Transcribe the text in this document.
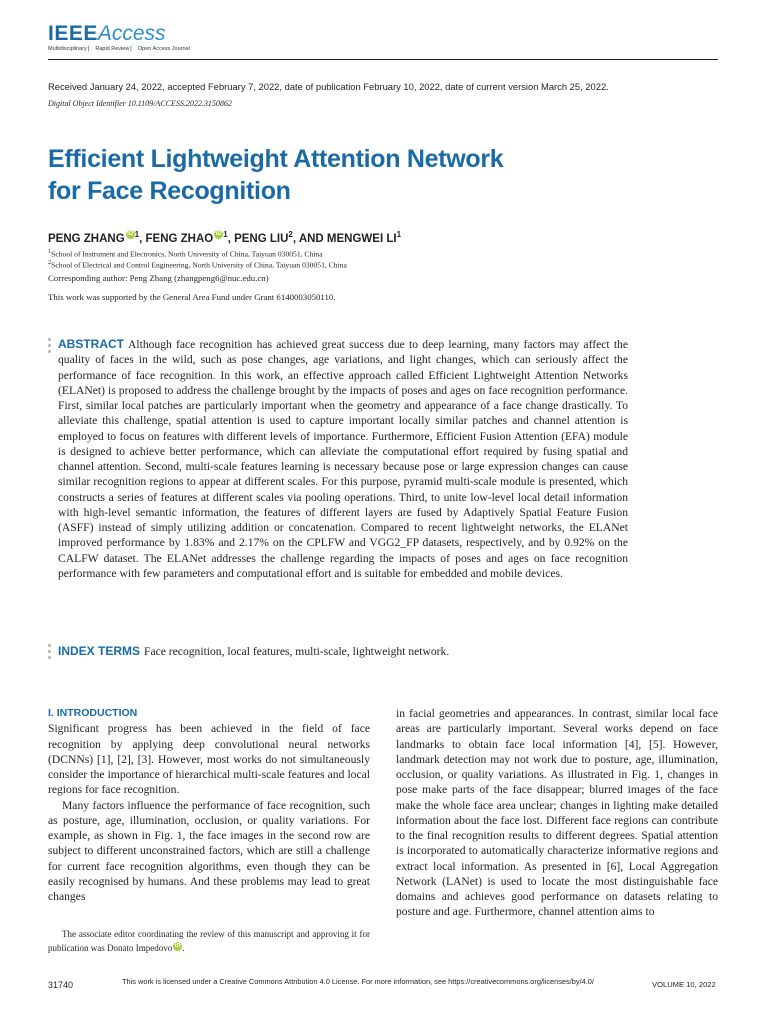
IEEEAccess
Multidisciplinary ⎸ Rapid Review ⎸ Open Access Journal
Received January 24, 2022, accepted February 7, 2022, date of publication February 10, 2022, date of current version March 25, 2022.
Digital Object Identifier 10.1109/ACCESS.2022.3150862
Efficient Lightweight Attention Network
for Face Recognition
PENG ZHANG iD $^1$, FENG ZHAO iD $^1$, PENG LIU$^2$, AND MENGWEI $LI^1$
$^1$School of Instrument and Electronics, North University of China, Taiyuan 030051, China
$^2$School of Electrical and Control Engineering, North University of China, Taiyuan 030051, China
Corresponding author: Peng Zhang (zhangpeng6@nuc.edu.cn)
This work was supported by the General Area Fund under Grant 6140003050110.
ABSTRACT Although face recognition has achieved great success due to deep learning, many factors may affect the quality of faces in the wild, such as pose changes, age variations, and light changes, which can seriously affect the performance of face recognition. In this work, an effective approach called Efficient Lightweight Attention Networks (ELANet) is proposed to address the challenge brought by the impacts of poses and ages on face recognition performance. First, similar local patches are particularly important when the geometry and appearance of a face change drastically. To alleviate this challenge, spatial attention is used to capture important locally similar patches and channel attention is employed to focus on features with different levels of importance. Furthermore, Efficient Fusion Attention (EFA) module is designed to achieve better performance, which can alleviate the computational effort required by fusing spatial and channel attention. Second, multi-scale features learning is necessary because pose or large expression changes can cause similar recognition regions to appear at different scales. For this purpose, pyramid multi-scale module is presented, which constructs a series of features at different scales via pooling operations. Third, to unite low-level local detail information with high-level semantic information, the features of different layers are fused by Adaptively Spatial Feature Fusion (ASFF) instead of simply utilizing addition or concatenation. Compared to recent lightweight networks, the ELANet improved performance by 1.83% and 2.17% on the CPLFW and VGG2_FP datasets, respectively, and by 0.92% on the CALFW dataset. The ELANet addresses the challenge regarding the impacts of poses and ages on face recognition performance with few parameters and computational effort and is suitable for embedded and mobile devices.
INDEX TERMS Face recognition, local features, multi-scale, lightweight network.
I. INTRODUCTION
Significant progress has been achieved in the field of face recognition by applying deep convolutional neural networks (DCNNs) [1], [2], [3]. However, most works do not simultaneously consider the importance of hierarchical multi-scale features and local regions for face recognition.
Many factors influence the performance of face recognition, such as posture, age, illumination, occlusion, or quality variations. For example, as shown in Fig. 1, the face images in the second row are subject to different unconstrained factors, which are still a challenge for current face recognition algorithms, even though they can be easily recognised by humans. And these problems may lead to great changes
in facial geometries and appearances. In contrast, similar local face areas are particularly important. Several works depend on face landmarks to obtain face local information [4], [5]. However, landmark detection may not work due to posture, age, illumination, occlusion, or quality variations. As illustrated in Fig. 1, changes in pose make parts of the face disappear; blurred images of the face make the whole face area unclear; changes in lighting make detailed information about the face lost. Different face regions can contribute to the final recognition results to different degrees. Spatial attention is incorporated to automatically characterize informative regions and extract local information. As presented in [6], Local Aggregation Network (LANet) is used to locate the most distinguishable face domains and achieves good performance on datasets relating to posture and age. Furthermore, channel attention aims to
The associate editor coordinating the review of this manuscript and approving it for publication was Donato Impedovo iD .
31740	This work is licensed under a Creative Commons Attribution 4.0 License. For more information, see https://creativecommons.org/licenses/by/4.0/	VOLUME 10, 2022
